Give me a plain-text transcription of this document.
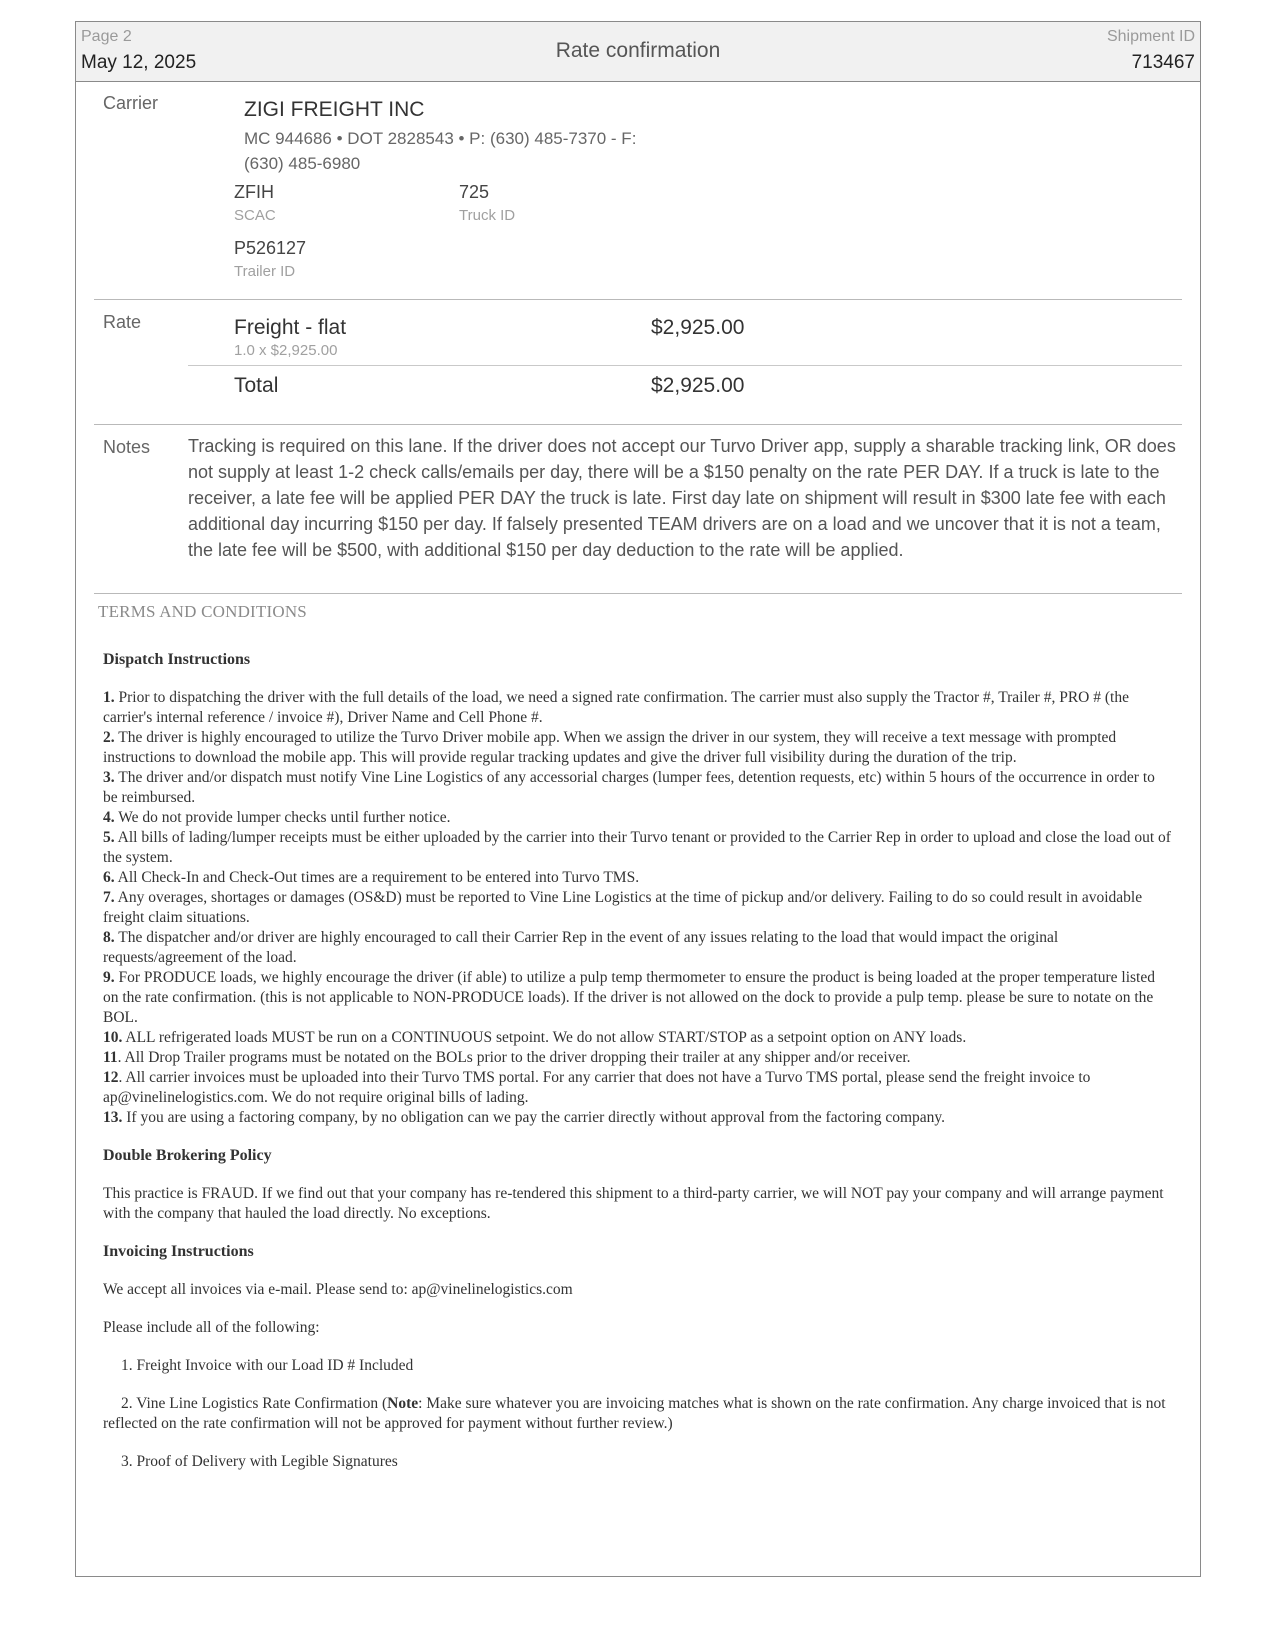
Page 2
May 12, 2025
Rate confirmation
Shipment ID
713467
Carrier	ZIGI FREIGHT INC
MC 944686 • DOT 2828543 • P: (630) 485-7370 - F: (630) 485-6980
ZFIH
SCAC
725
Truck ID
P526127
Trailer ID
Rate	Freight - flat	$2,925.00
1.0 x $2,925.00
Total	$2,925.00
Notes Tracking is required on this lane. If the driver does not accept our Turvo Driver app, supply a sharable tracking link, OR does not supply at least 1-2 check calls/emails per day, there will be a $150 penalty on the rate PER DAY. If a truck is late to the receiver, a late fee will be applied PER DAY the truck is late. First day late on shipment will result in $300 late fee with each additional day incurring $150 per day. If falsely presented TEAM drivers are on a load and we uncover that it is not a team, the late fee will be $500, with additional $150 per day deduction to the rate will be applied.
TERMS AND CONDITIONS
Dispatch Instructions

1. Prior to dispatching the driver with the full details of the load, we need a signed rate confirmation. The carrier must also supply the Tractor #, Trailer #, PRO # (the carrier's internal reference / invoice #), Driver Name and Cell Phone #.

2. The driver is highly encouraged to utilize the Turvo Driver mobile app. When we assign the driver in our system, they will receive a text message with prompted instructions to download the mobile app. This will provide regular tracking updates and give the driver full visibility during the duration of the trip.

3. The driver and/or dispatch must notify Vine Line Logistics of any accessorial charges (lumper fees, detention requests, etc) within 5 hours of the occurrence in order to be reimbursed.

4. We do not provide lumper checks until further notice.

5. All bills of lading/lumper receipts must be either uploaded by the carrier into their Turvo tenant or provided to the Carrier Rep in order to upload and close the load out of the system.

6. All Check-In and Check-Out times are a requirement to be entered into Turvo TMS.

7. Any overages, shortages or damages (OS&D) must be reported to Vine Line Logistics at the time of pickup and/or delivery. Failing to do so could result in avoidable freight claim situations.

8. The dispatcher and/or driver are highly encouraged to call their Carrier Rep in the event of any issues relating to the load that would impact the original requests/agreement of the load.

9. For PRODUCE loads, we highly encourage the driver (if able) to utilize a pulp temp thermometer to ensure the product is being loaded at the proper temperature listed on the rate confirmation. (this is not applicable to NON-PRODUCE loads). If the driver is not allowed on the dock to provide a pulp temp. please be sure to notate on the BOL.

10. ALL refrigerated loads MUST be run on a CONTINUOUS setpoint. We do not allow START/STOP as a setpoint option on ANY loads.

11. All Drop Trailer programs must be notated on the BOLs prior to the driver dropping their trailer at any shipper and/or receiver.

12. All carrier invoices must be uploaded into their Turvo TMS portal. For any carrier that does not have a Turvo TMS portal, please send the freight invoice to ap@vinelinelogistics.com. We do not require original bills of lading.

13. If you are using a factoring company, by no obligation can we pay the carrier directly without approval from the factoring company.

Double Brokering Policy

This practice is FRAUD. If we find out that your company has re-tendered this shipment to a third-party carrier, we will NOT pay your company and will arrange payment with the company that hauled the load directly. No exceptions.

Invoicing Instructions

We accept all invoices via e-mail. Please send to: ap@vinelinelogistics.com

Please include all of the following:

1. Freight Invoice with our Load ID # Included

2. Vine Line Logistics Rate Confirmation (Note: Make sure whatever you are invoicing matches what is shown on the rate confirmation. Any charge invoiced that is not reflected on the rate confirmation will not be approved for payment without further review.)

3. Proof of Delivery with Legible Signatures
